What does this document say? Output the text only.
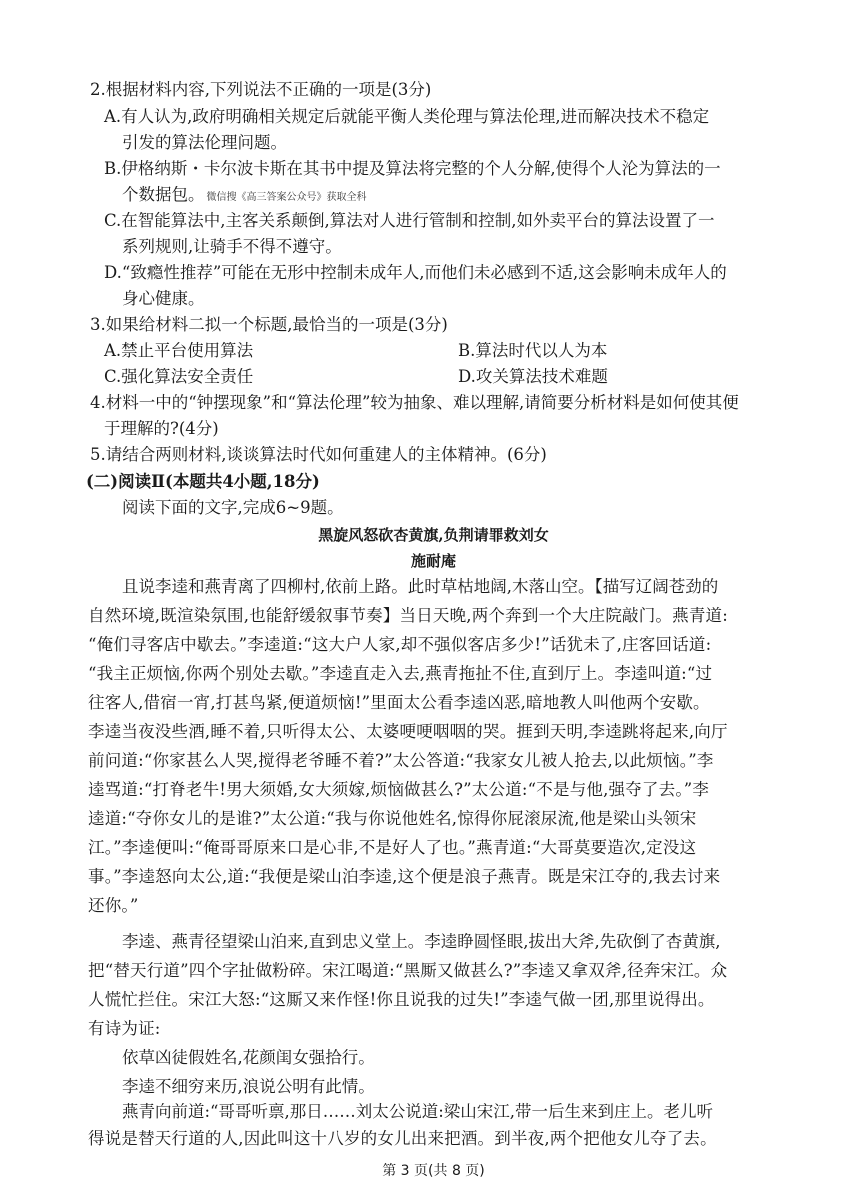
2.根据材料内容,下列说法不正确的一项是(3分)
A.有人认为,政府明确相关规定后就能平衡人类伦理与算法伦理,进而解决技术不稳定
引发的算法伦理问题。
B.伊格纳斯・卡尔波卡斯在其书中提及算法将完整的个人分解,使得个人沦为算法的一
个数据包。 微信搜《高三答案公众号》获取全科
C.在智能算法中,主客关系颠倒,算法对人进行管制和控制,如外卖平台的算法设置了一
系列规则,让骑手不得不遵守。
D.“致瘾性推荐”可能在无形中控制未成年人,而他们未必感到不适,这会影响未成年人的
身心健康。
3.如果给材料二拟一个标题,最恰当的一项是(3分)
A.禁止平台使用算法	B.算法时代以人为本
C.强化算法安全责任	D.攻关算法技术难题
4.材料一中的“钟摆现象”和“算法伦理”较为抽象、难以理解,请简要分析材料是如何使其便
于理解的?(4分)
5.请结合两则材料,谈谈算法时代如何重建人的主体精神。(6分)
(二)阅读Ⅱ(本题共4小题,18分)
阅读下面的文字,完成6~9题。
黑旋风怒砍杏黄旗,负荆请罪救刘女
施耐庵
且说李逵和燕青离了四柳村,依前上路。此时草枯地阔,木落山空。【描写辽阔苍劲的
自然环境,既渲染氛围,也能舒缓叙事节奏】当日天晚,两个奔到一个大庄院敲门。燕青道:
“俺们寻客店中歇去。”李逵道:“这大户人家,却不强似客店多少!”话犹未了,庄客回话道:
“我主正烦恼,你两个别处去歇。”李逵直走入去,燕青拖扯不住,直到厅上。李逵叫道:“过
往客人,借宿一宵,打甚鸟紧,便道烦恼!”里面太公看李逵凶恶,暗地教人叫他两个安歇。
李逵当夜没些酒,睡不着,只听得太公、太婆哽哽咽咽的哭。捱到天明,李逵跳将起来,向厅
前问道:“你家甚么人哭,搅得老爷睡不着?”太公答道:“我家女儿被人抢去,以此烦恼。”李
逵骂道:“打脊老牛!男大须婚,女大须嫁,烦恼做甚么?”太公道:“不是与他,强夺了去。”李
逵道:“夺你女儿的是谁?”太公道:“我与你说他姓名,惊得你屁滚尿流,他是梁山头领宋
江。”李逵便叫:“俺哥哥原来口是心非,不是好人了也。”燕青道:“大哥莫要造次,定没这
事。”李逵怒向太公,道:“我便是梁山泊李逵,这个便是浪子燕青。既是宋江夺的,我去讨来
还你。”
李逵、燕青径望梁山泊来,直到忠义堂上。李逵睁圆怪眼,拔出大斧,先砍倒了杏黄旗,
把“替天行道”四个字扯做粉碎。宋江喝道:“黑厮又做甚么?”李逵又拿双斧,径奔宋江。众
人慌忙拦住。宋江大怒:“这厮又来作怪!你且说我的过失!”李逵气做一团,那里说得出。
有诗为证:
依草凶徒假姓名,花颜闺女强拾行。
李逵不细穷来历,浪说公明有此情。
燕青向前道:“哥哥听禀,那日……刘太公说道:梁山宋江,带一后生来到庄上。老儿听
第 3 页(共 8 页)
得说是替天行道的人,因此叫这十八岁的女儿出来把酒。到半夜,两个把他女儿夺了去。
